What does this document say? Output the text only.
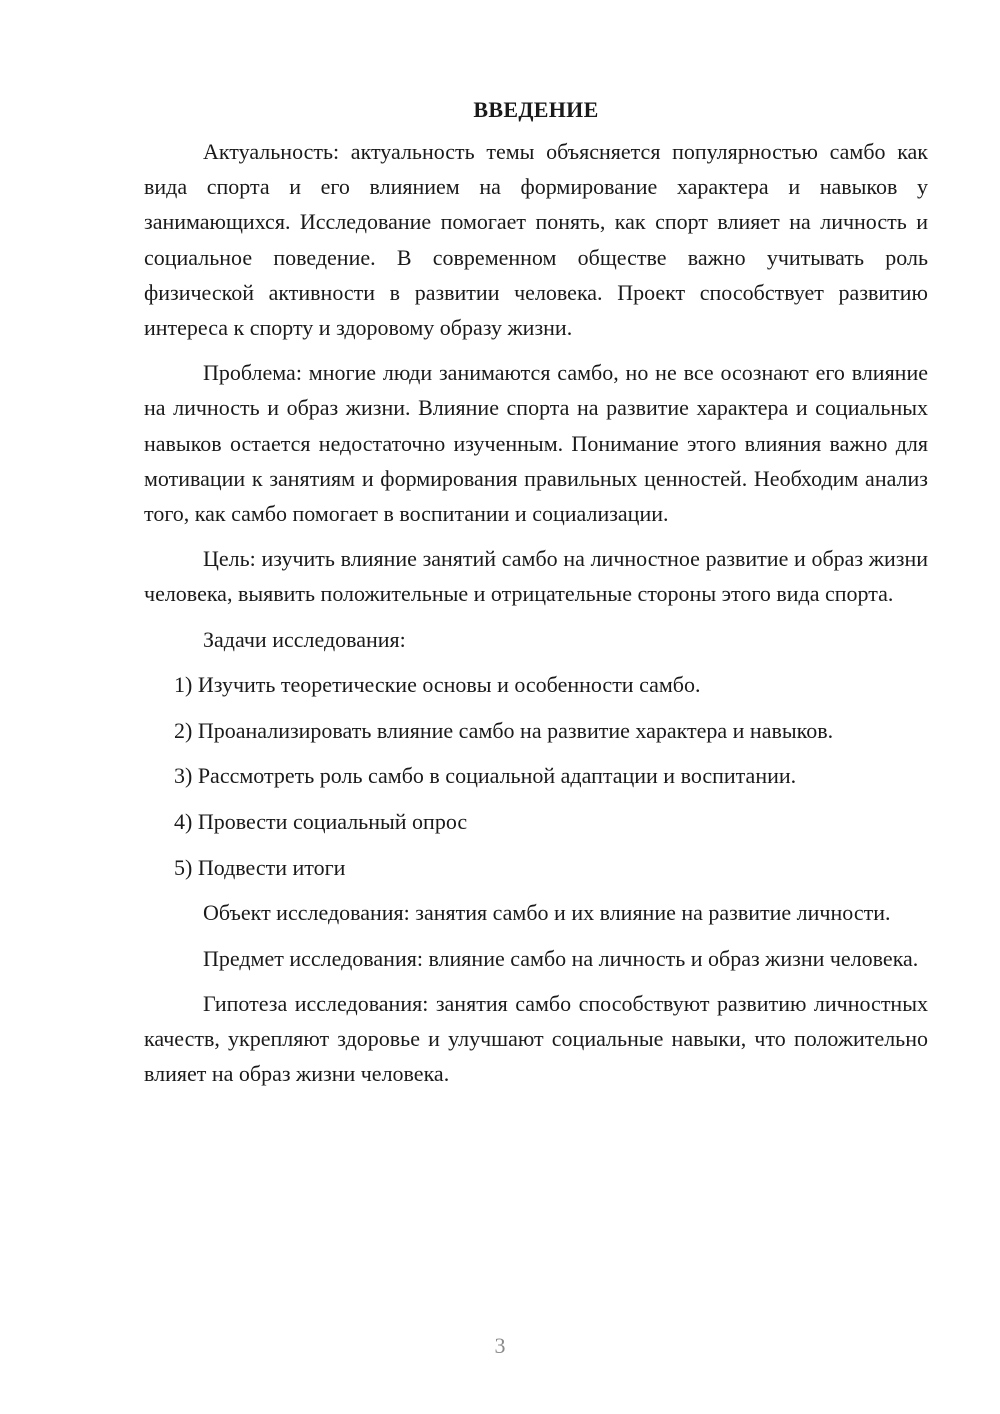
ВВЕДЕНИЕ

Актуальность: актуальность темы объясняется популярностью самбо как вида спорта и его влиянием на формирование характера и навыков у занимающихся. Исследование помогает понять, как спорт влияет на личность и социальное поведение. В современном обществе важно учитывать роль физической активности в развитии человека. Проект способствует развитию интереса к спорту и здоровому образу жизни.

Проблема: многие люди занимаются самбо, но не все осознают его влияние на личность и образ жизни. Влияние спорта на развитие характера и социальных навыков остается недостаточно изученным. Понимание этого влияния важно для мотивации к занятиям и формирования правильных ценностей. Необходим анализ того, как самбо помогает в воспитании и социализации.

Цель: изучить влияние занятий самбо на личностное развитие и образ жизни человека, выявить положительные и отрицательные стороны этого вида спорта.

Задачи исследования:

1) Изучить теоретические основы и особенности самбо.
2) Проанализировать влияние самбо на развитие характера и навыков.
3) Рассмотреть роль самбо в социальной адаптации и воспитании.
4) Провести социальный опрос
5) Подвести итоги

Объект исследования: занятия самбо и их влияние на развитие личности.

Предмет исследования: влияние самбо на личность и образ жизни человека.

Гипотеза исследования: занятия самбо способствуют развитию личностных качеств, укрепляют здоровье и улучшают социальные навыки, что положительно влияет на образ жизни человека.

3
